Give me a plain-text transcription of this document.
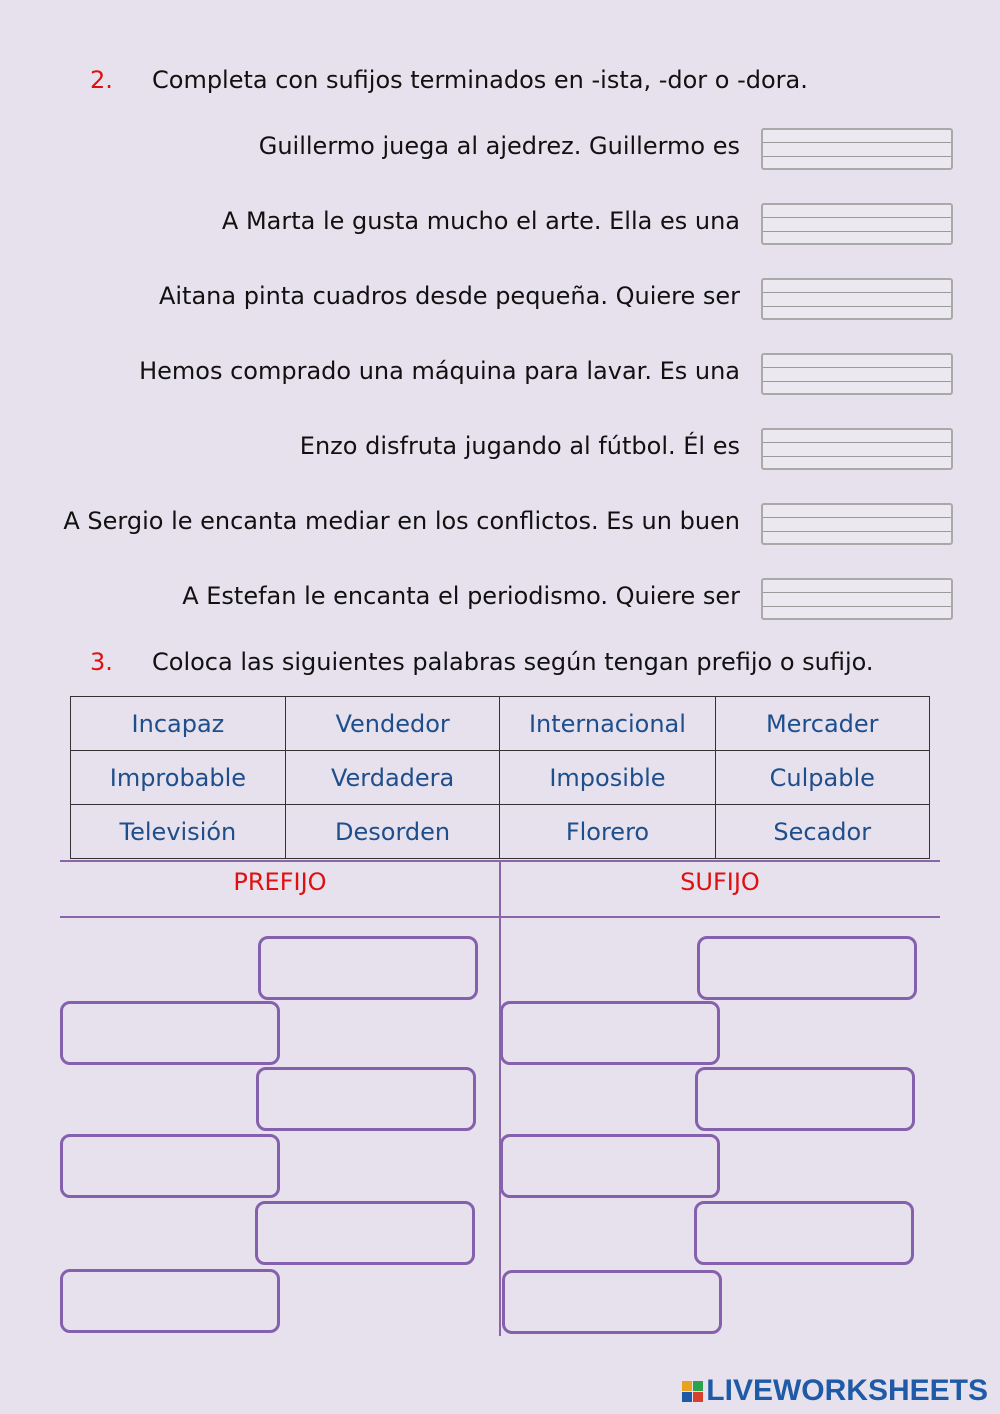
2. Completa con sufijos terminados en -ista, -dor o -dora.
Guillermo juega al ajedrez. Guillermo es
A Marta le gusta mucho el arte. Ella es una
Aitana pinta cuadros desde pequeña. Quiere ser
Hemos comprado una máquina para lavar. Es una
Enzo disfruta jugando al fútbol. Él es
A Sergio le encanta mediar en los conflictos. Es un buen
A Estefan le encanta el periodismo. Quiere ser
3. Coloca las siguientes palabras según tengan prefijo o sufijo.
Incapaz	Vendedor	Internacional	Mercader
Improbable	Verdadera	Imposible	Culpable
Televisión	Desorden	Florero	Secador
PREFIJO	SUFIJO
LIVEWORKSHEETS
